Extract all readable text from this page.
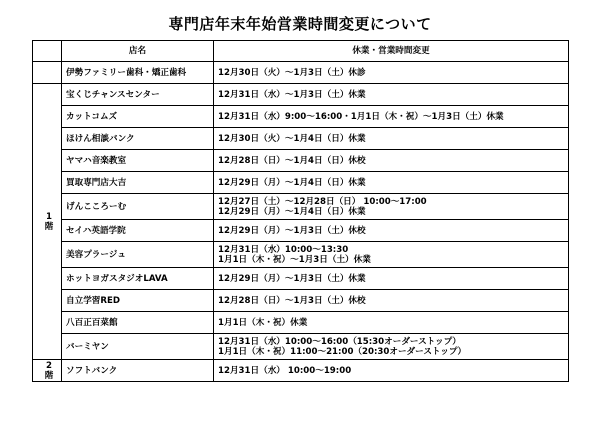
専門店年末年始営業時間変更について
	店名	休業・営業時間変更
	伊勢ファミリー歯科・矯正歯科	12月30日（火）～1月3日（土）休診

1階	宝くじチャンスセンター	12月31日（水）～1月3日（土）休業

	カットコムズ	12月31日（水）9:00～16:00・1月1日（木・祝）～1月3日（土）休業

	ほけん相談バンク	12月30日（火）～1月4日（日）休業

	ヤマハ音楽教室	12月28日（日）～1月4日（日）休校

	買取専門店大吉	12月29日（月）～1月4日（日）休業

	げんこころーむ	12月27日（土）～12月28日（日） 10:00～17:00
12月29日（月）～1月4日（日）休業

	セイハ英語学院	12月29日（月）～1月3日（土）休校

	美容プラージュ	12月31日（水）10:00～13:30
1月1日（木・祝）～1月3日（土）休業

	ホットヨガスタジオLAVA	12月29日（月）～1月3日（土）休業

	自立学習RED	12月28日（日）～1月3日（土）休校

	八百正百菜館	1月1日（木・祝）休業

	バーミヤン	12月31日（水）10:00～16:00（15:30オーダーストップ）
1月1日（木・祝）11:00～21:00（20:30オーダーストップ）

2階	ソフトバンク	12月31日（水） 10:00～19:00
